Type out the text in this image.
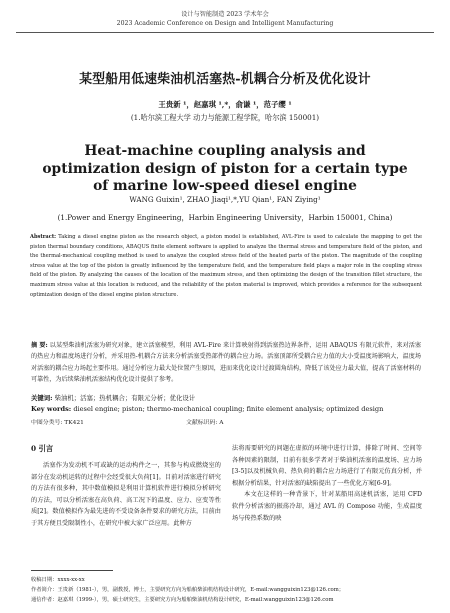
设计与智能制造 2023 学术年会
2023 Academic Conference on Design and Intelligent Manufacturing
某型船用低速柴油机活塞热-机耦合分析及优化设计
王贵新 ¹，赵嘉琪 ¹,*，俞谦 ¹，范子缨 ¹
(1.哈尔滨工程大学 动力与能源工程学院，哈尔滨 150001)
Heat-machine coupling analysis and optimization design of piston for a certain type of marine low-speed diesel engine
WANG Guixin¹, ZHAO Jiaqi¹,*,YU Qian¹, FAN Ziying¹
(1.Power and Energy Engineering，Harbin Engineering University，Harbin 150001, China)
Abstract: Taking a diesel engine piston as the research object, a piston model is established, AVL-Fire is used to calculate the mapping to get the piston thermal boundary conditions, ABAQUS finite element software is applied to analyze the thermal stress and temperature field of the piston, and the thermal-mechanical coupling method is used to analyze the coupled stress field of the heated parts of the piston. The magnitude of the coupling stress value at the top of the piston is greatly influenced by the temperature field, and the temperature field plays a major role in the coupling stress field of the piston. By analyzing the causes of the location of the maximum stress, and then optimizing the design of the transition fillet structure, the maximum stress value at this location is reduced, and the reliability of the piston material is improved, which provides a reference for the subsequent optimization design of the diesel engine piston structure.
摘 要: 以某型柴油机活塞为研究对象，建立活塞模型，利用 AVL-Fire 来计算映射得到活塞热边界条件，运用 ABAQUS 有限元软件，来对活塞的热应力和温度场进行分析，并采用热-机耦合方法来分析活塞受热部件的耦合应力场。活塞顶部所受耦合应力值的大小受温度场影响大，温度场对活塞的耦合应力场起主要作用。通过分析应力最大处位置产生原因，进而来优化设计过渡圆角结构，降低了该处应力最大值，提高了活塞材料的可靠性，为后续柴油机活塞结构优化设计提供了参考。
关键词: 柴油机；活塞；热机耦合；有限元分析；优化设计
Key words: diesel engine; piston; thermo-mechanical coupling; finite element analysis; optimized design
中图分类号: TK421	文献标识码: A
0 引言
活塞作为发动机不可或缺的运动构件之一，其参与构成燃烧室的部分在发动机运转的过程中会经受很大负荷[1]。目前对活塞进行研究的方法有很多种，其中数值模拟是利用计算机软件进行模拟分析研究的方法，可以分析活塞在高负荷、高工况下的温度、应力、应变等性质[2]。数值模拟作为最先进的不受设备条件要求的研究方法，目前由于其方便且受限制性小，在研究中被大家广泛应用。此种方
法将需要研究的问题在虚拟的环境中进行计算，排除了时间、空间等各种因素的限制，目前有很多学者对于柴油机活塞的温度场、应力场[3-5]以及机械负荷、热负荷的耦合应力场进行了有限元仿真分析，并根据分析结果，针对活塞的缺陷提出了一些优化方案[6-9]。
本文在这样的一种背景下，针对某船用高速机活塞，运用 CFD 软件分析活塞的振荡冷却，通过 AVL 的 Compose 功能，生成温度场与传热系数的映
收稿日期：xxxx-xx-xx
作者简介：王贵新（1981-），男，副教授，博士，主要研究方向为船舶柴油机结构设计研究，E-mail:wangguixin123@126.com；
通信作者：赵嘉琪（1999-），男，硕士研究生，主要研究方向为船舶柴油机结构设计研究，E-mail:wangguixin123@126.com
